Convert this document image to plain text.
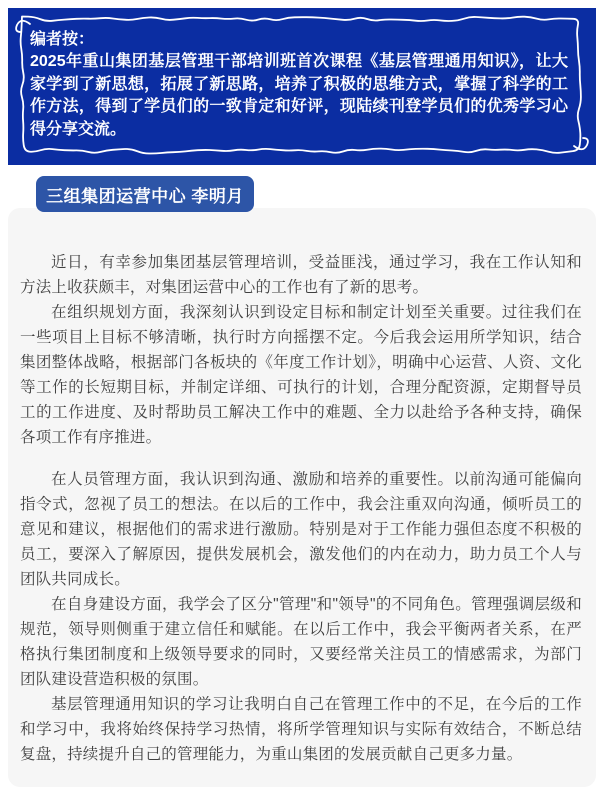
编者按：
2025年重山集团基层管理干部培训班首次课程《基层管理通用知识》，让大家学到了新思想，拓展了新思路，培养了积极的思维方式，掌握了科学的工作方法，得到了学员们的一致肯定和好评，现陆续刊登学员们的优秀学习心得分享交流。
三组集团运营中心 李明月

近日，有幸参加集团基层管理培训，受益匪浅，通过学习，我在工作认知和方法上收获颇丰，对集团运营中心的工作也有了新的思考。

在组织规划方面，我深刻认识到设定目标和制定计划至关重要。过往我们在一些项目上目标不够清晰，执行时方向摇摆不定。今后我会运用所学知识，结合集团整体战略，根据部门各板块的《年度工作计划》，明确中心运营、人资、文化等工作的长短期目标，并制定详细、可执行的计划，合理分配资源，定期督导员工的工作进度、及时帮助员工解决工作中的难题、全力以赴给予各种支持，确保各项工作有序推进。

在人员管理方面，我认识到沟通、激励和培养的重要性。以前沟通可能偏向指令式，忽视了员工的想法。在以后的工作中，我会注重双向沟通，倾听员工的意见和建议，根据他们的需求进行激励。特别是对于工作能力强但态度不积极的员工，要深入了解原因，提供发展机会，激发他们的内在动力，助力员工个人与团队共同成长。

在自身建设方面，我学会了区分"管理"和"领导"的不同角色。管理强调层级和规范，领导则侧重于建立信任和赋能。在以后工作中，我会平衡两者关系，在严格执行集团制度和上级领导要求的同时，又要经常关注员工的情感需求，为部门团队建设营造积极的氛围。

基层管理通用知识的学习让我明白自己在管理工作中的不足，在今后的工作和学习中，我将始终保持学习热情，将所学管理知识与实际有效结合，不断总结复盘，持续提升自己的管理能力，为重山集团的发展贡献自己更多力量。
